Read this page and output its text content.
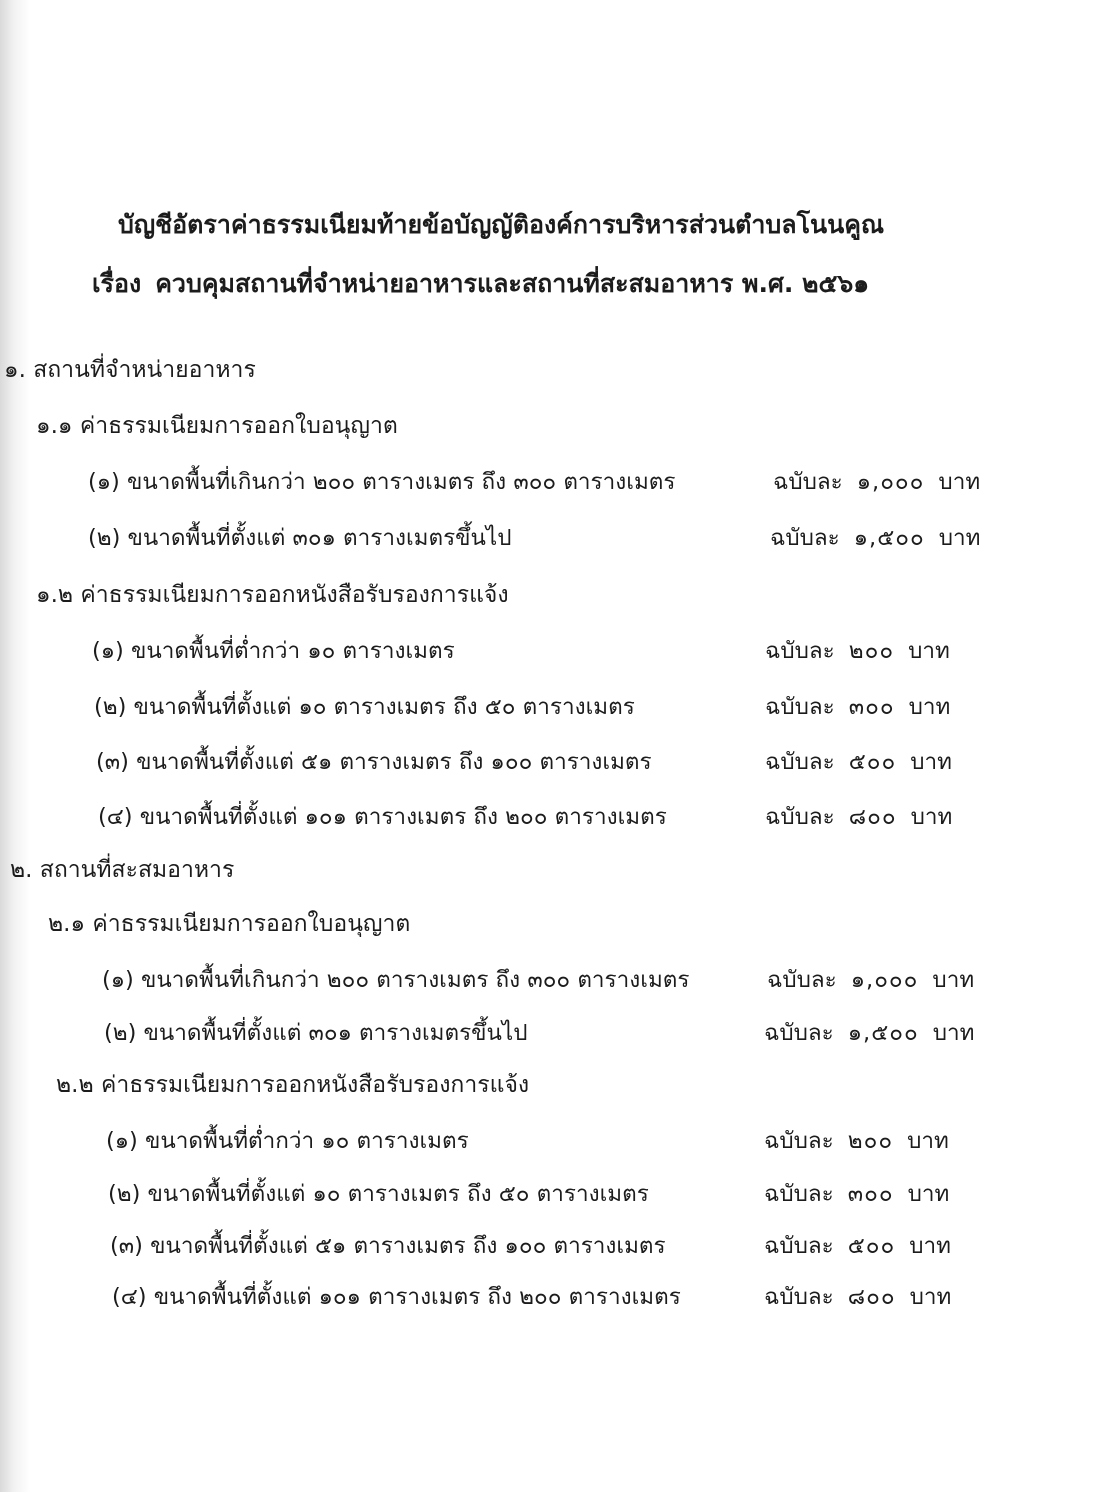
บัญชีอัตราค่าธรรมเนียมท้ายข้อบัญญัติองค์การบริหารส่วนตำบลโนนคูณ
เรื่อง ควบคุมสถานที่จำหน่ายอาหารและสถานที่สะสมอาหาร พ.ศ. ๒๕๖๑
๑. สถานที่จำหน่ายอาหาร
๑.๑ ค่าธรรมเนียมการออกใบอนุญาต
(๑) ขนาดพื้นที่เกินกว่า ๒๐๐ ตารางเมตร ถึง ๓๐๐ ตารางเมตร	ฉบับละ ๑,๐๐๐ บาท
(๒) ขนาดพื้นที่ตั้งแต่ ๓๐๑ ตารางเมตรขึ้นไป	ฉบับละ ๑,๕๐๐ บาท
๑.๒ ค่าธรรมเนียมการออกหนังสือรับรองการแจ้ง
(๑) ขนาดพื้นที่ต่ำกว่า ๑๐ ตารางเมตร	ฉบับละ ๒๐๐ บาท
(๒) ขนาดพื้นที่ตั้งแต่ ๑๐ ตารางเมตร ถึง ๕๐ ตารางเมตร	ฉบับละ ๓๐๐ บาท
(๓) ขนาดพื้นที่ตั้งแต่ ๕๑ ตารางเมตร ถึง ๑๐๐ ตารางเมตร	ฉบับละ ๕๐๐ บาท
(๔) ขนาดพื้นที่ตั้งแต่ ๑๐๑ ตารางเมตร ถึง ๒๐๐ ตารางเมตร	ฉบับละ ๘๐๐ บาท
๒. สถานที่สะสมอาหาร
๒.๑ ค่าธรรมเนียมการออกใบอนุญาต
(๑) ขนาดพื้นที่เกินกว่า ๒๐๐ ตารางเมตร ถึง ๓๐๐ ตารางเมตร	ฉบับละ ๑,๐๐๐ บาท
(๒) ขนาดพื้นที่ตั้งแต่ ๓๐๑ ตารางเมตรขึ้นไป	ฉบับละ ๑,๕๐๐ บาท
๒.๒ ค่าธรรมเนียมการออกหนังสือรับรองการแจ้ง
(๑) ขนาดพื้นที่ต่ำกว่า ๑๐ ตารางเมตร	ฉบับละ ๒๐๐ บาท
(๒) ขนาดพื้นที่ตั้งแต่ ๑๐ ตารางเมตร ถึง ๕๐ ตารางเมตร	ฉบับละ ๓๐๐ บาท
(๓) ขนาดพื้นที่ตั้งแต่ ๕๑ ตารางเมตร ถึง ๑๐๐ ตารางเมตร	ฉบับละ ๕๐๐ บาท
(๔) ขนาดพื้นที่ตั้งแต่ ๑๐๑ ตารางเมตร ถึง ๒๐๐ ตารางเมตร	ฉบับละ ๘๐๐ บาท
